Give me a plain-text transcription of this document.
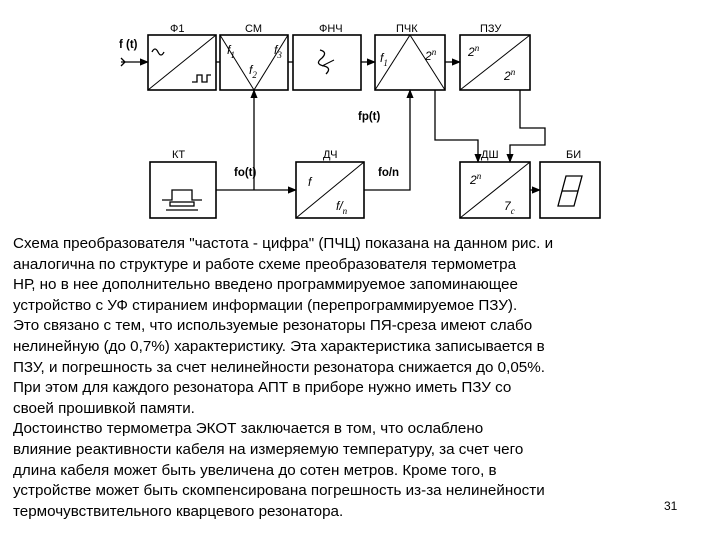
Ф1	СМ	ФНЧ	ПЧК	ПЗУ
КТ	ДЧ	ДШ	БИ
$f_1$	$f_3$
$f_2$
$f_1$	2$^n$	2$^n$
2$^n$
f
$f/_n$
2$^n$
$7_c$
f (t)
fp(t)
fo(t)	fo/n
Схема преобразователя "частота - цифра" (ПЧЦ) показана на данном рис. и
аналогична по структуре и работе схеме преобразователя термометра
НР, но в нее дополнительно введено программируемое запоминающее
устройство с УФ стиранием информации (перепрограммируемое ПЗУ).
Это связано с тем, что используемые резонаторы ПЯ-среза имеют слабо
нелинейную (до 0,7%) характеристику. Эта характеристика записывается в
ПЗУ, и погрешность за счет нелинейности резонатора снижается до 0,05%.
При этом для каждого резонатора АПТ в приборе нужно иметь ПЗУ со
своей прошивкой памяти.
Достоинство термометра ЭКОТ заключается в том, что ослаблено
влияние реактивности кабеля на измеряемую температуру, за счет чего
длина кабеля может быть увеличена до сотен метров. Кроме того, в
устройстве может быть скомпенсирована погрешность из-за нелинейности
термочувствительного кварцевого резонатора.	31
